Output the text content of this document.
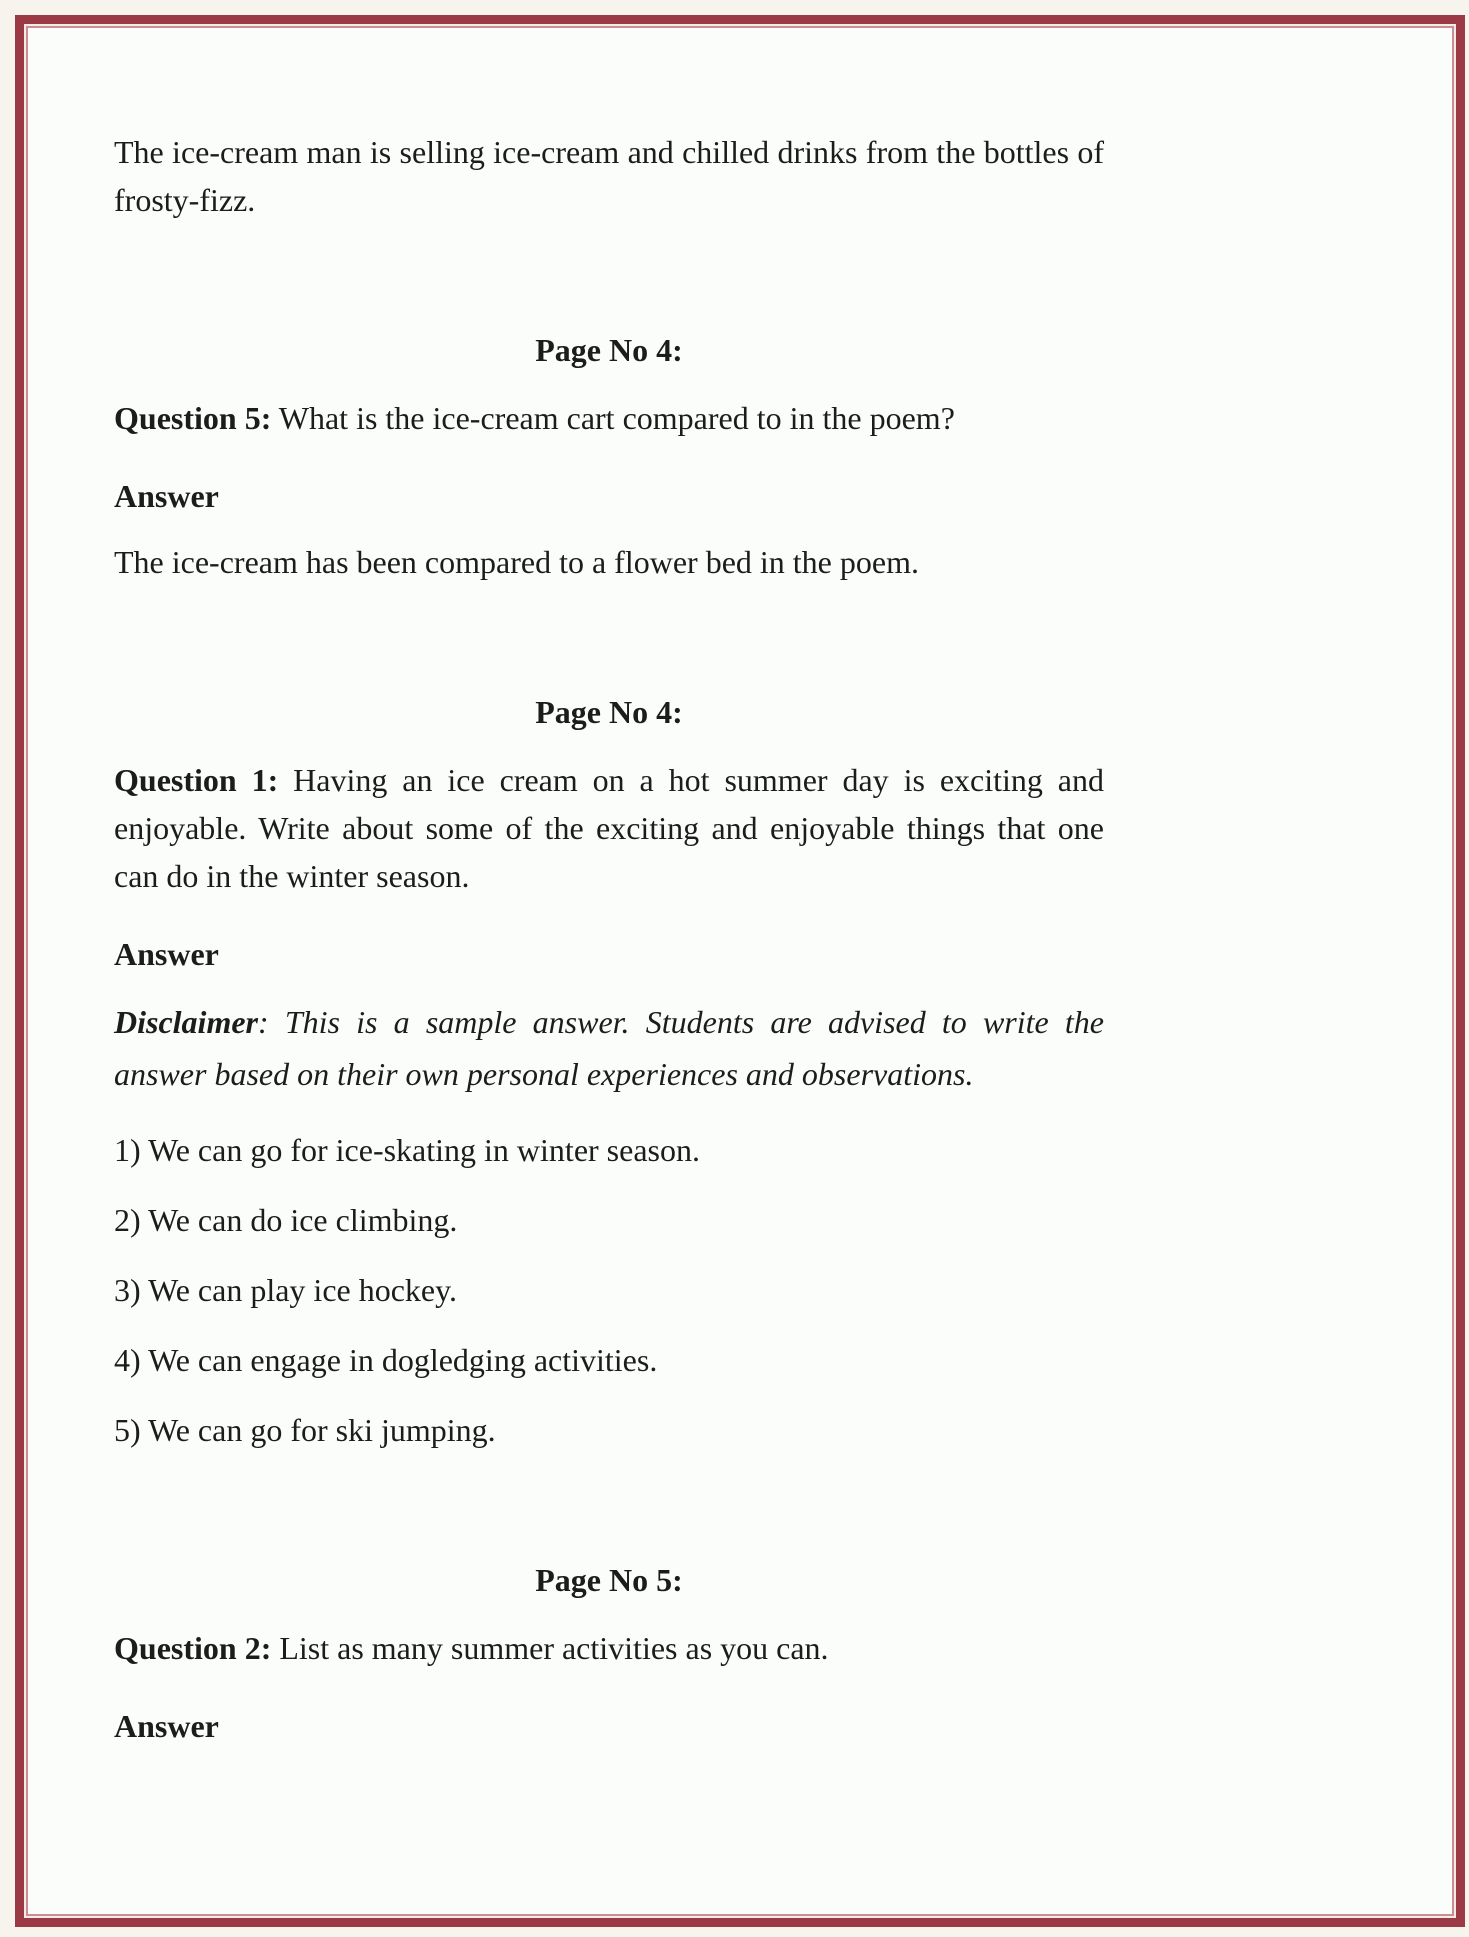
The ice-cream man is selling ice-cream and chilled drinks from the bottles of frosty-fizz.

Page No 4:

Question 5: What is the ice-cream cart compared to in the poem?

Answer

The ice-cream has been compared to a flower bed in the poem.

Page No 4:

Question 1: Having an ice cream on a hot summer day is exciting and enjoyable. Write about some of the exciting and enjoyable things that one can do in the winter season.

Answer

Disclaimer: This is a sample answer. Students are advised to write the answer based on their own personal experiences and observations.

1) We can go for ice-skating in winter season.

2) We can do ice climbing.

3) We can play ice hockey.

4) We can engage in dogledging activities.

5) We can go for ski jumping.

Page No 5:

Question 2: List as many summer activities as you can.

Answer
